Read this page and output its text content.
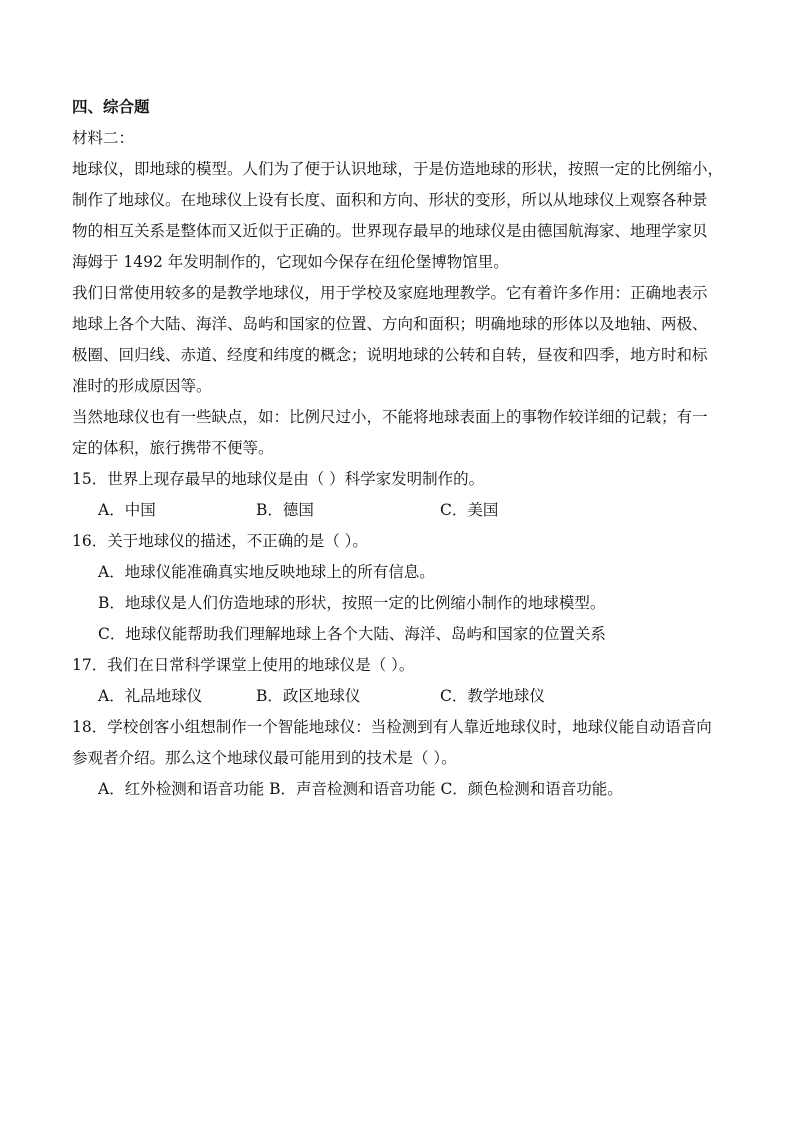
四、综合题

材料二：

地球仪，即地球的模型。人们为了便于认识地球，于是仿造地球的形状，按照一定的比例缩小，

制作了地球仪。在地球仪上设有长度、面积和方向、形状的变形，所以从地球仪上观察各种景

物的相互关系是整体而又近似于正确的。世界现存最早的地球仪是由德国航海家、地理学家贝

海姆于 1492 年发明制作的，它现如今保存在纽伦堡博物馆里。

我们日常使用较多的是教学地球仪，用于学校及家庭地理教学。它有着许多作用：正确地表示

地球上各个大陆、海洋、岛屿和国家的位置、方向和面积；明确地球的形体以及地轴、两极、

极圈、回归线、赤道、经度和纬度的概念；说明地球的公转和自转，昼夜和四季，地方时和标

准时的形成原因等。

当然地球仪也有一些缺点，如：比例尺过小，不能将地球表面上的事物作较详细的记载；有一

定的体积，旅行携带不便等。

15．世界上现存最早的地球仪是由（ ）科学家发明制作的。

A．中国	B．德国	C．美国

16．关于地球仪的描述，不正确的是（ ）。

A．地球仪能准确真实地反映地球上的所有信息。

B．地球仪是人们仿造地球的形状，按照一定的比例缩小制作的地球模型。

C．地球仪能帮助我们理解地球上各个大陆、海洋、岛屿和国家的位置关系

17．我们在日常科学课堂上使用的地球仪是（ ）。

A．礼品地球仪	B．政区地球仪	C．教学地球仪

18．学校创客小组想制作一个智能地球仪：当检测到有人靠近地球仪时，地球仪能自动语音向

参观者介绍。那么这个地球仪最可能用到的技术是（ ）。

A．红外检测和语音功能 B．声音检测和语音功能 C．颜色检测和语音功能。
